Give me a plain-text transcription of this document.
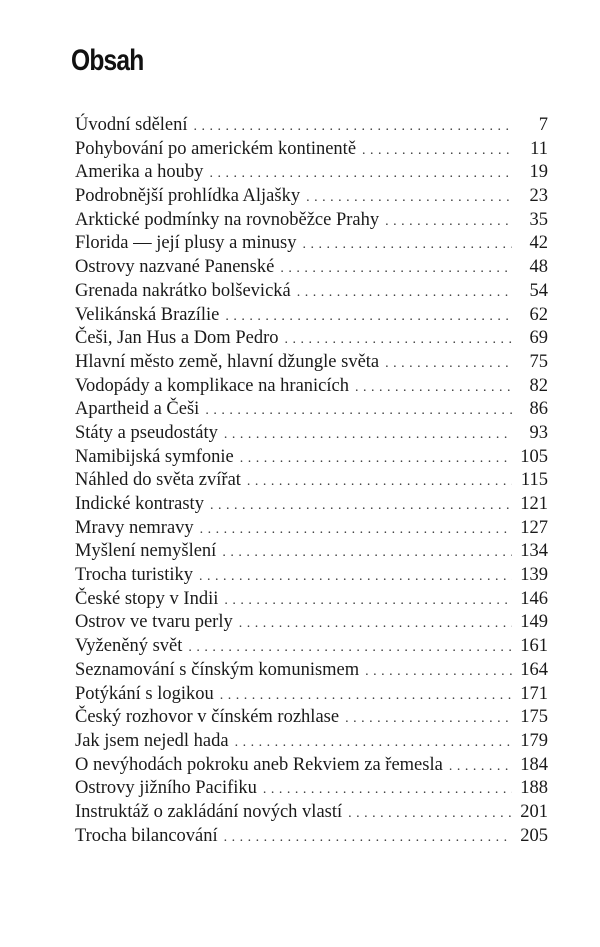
Obsah
Úvodní sdělení . . .	7
Pohybování po americkém kontinentě . . .	11
Amerika a houby . . .	19
Podrobnější prohlídka Aljašky . . .	23
Arktické podmínky na rovnoběžce Prahy . . .	35
Florida — její plusy a minusy . . .	42
Ostrovy nazvané Panenské . . .	48
Grenada nakrátko bolševická . . .	54
Velikánská Brazílie . . .	62
Češi, Jan Hus a Dom Pedro . . .	69
Hlavní město země, hlavní džungle světa . . .	75
Vodopády a komplikace na hranicích . . .	82
Apartheid a Češi . . .	86
Státy a pseudostáty . . .	93
Namibijská symfonie . . .	105
Náhled do světa zvířat . . .	115
Indické kontrasty . . .	121
Mravy nemravy . . .	127
Myšlení nemyšlení . . .	134
Trocha turistiky . . .	139
České stopy v Indii . . .	146
Ostrov ve tvaru perly . . .	149
Vyženěný svět . . .	161
Seznamování s čínským komunismem . . .	164
Potýkání s logikou . . .	171
Český rozhovor v čínském rozhlase . . .	175
Jak jsem nejedl hada . . .	179
O nevýhodách pokroku aneb Rekviem za řemesla . . .	184
Ostrovy jižního Pacifiku . . .	188
Instruktáž o zakládání nových vlastí . . .	201
Trocha bilancování . . .	205
